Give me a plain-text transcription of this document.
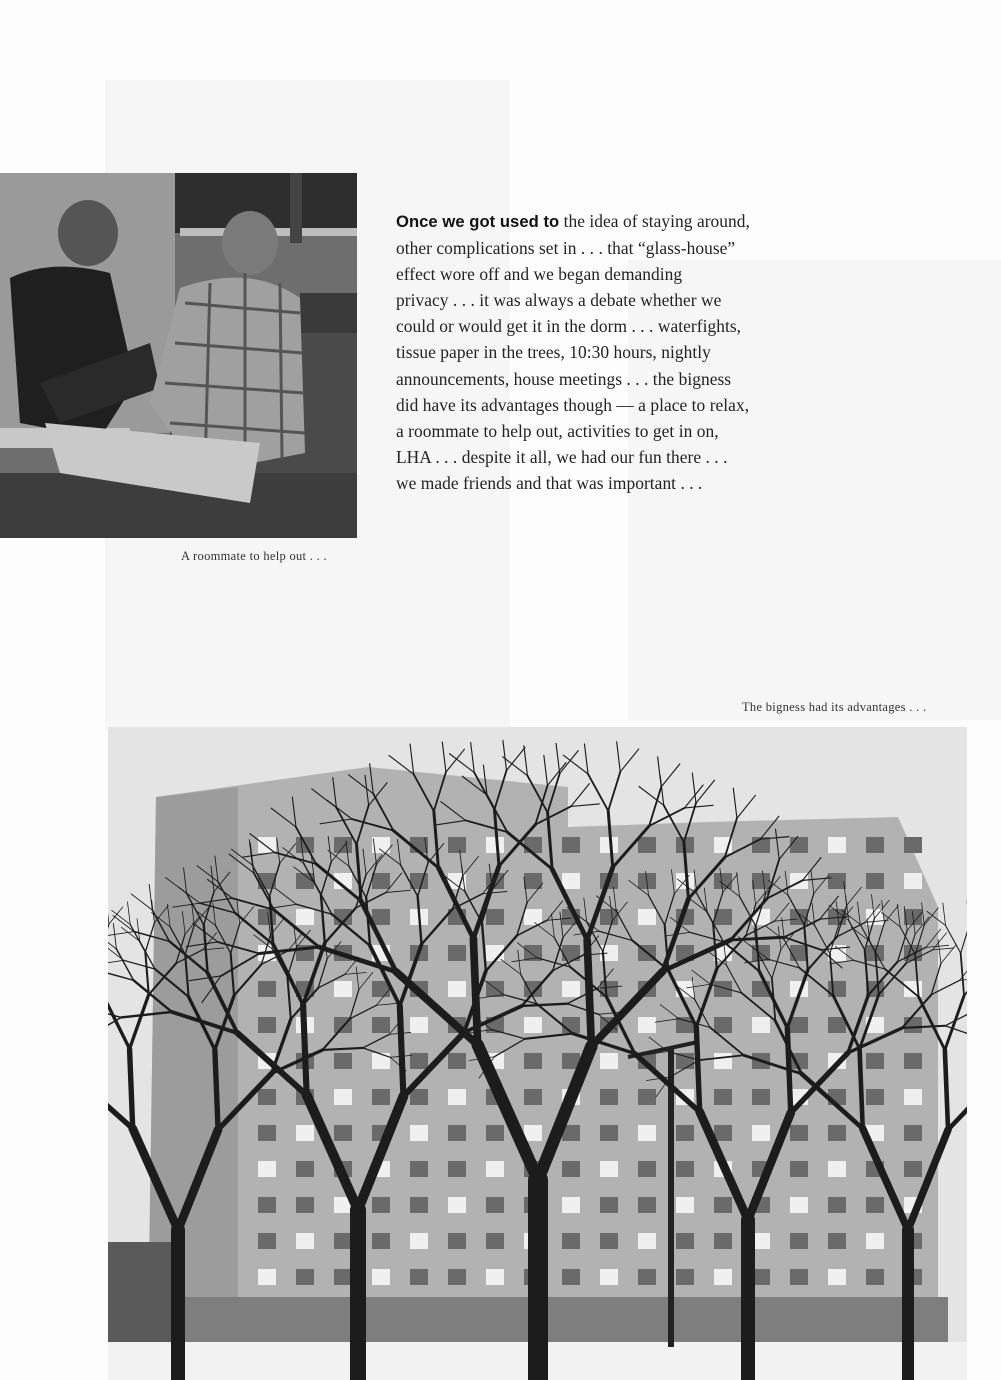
A roommate to help out . . .
Once we got used to the idea of staying around,
other complications set in . . . that “glass-house”
effect wore off and we began demanding
privacy . . . it was always a debate whether we
could or would get it in the dorm . . . waterfights,
tissue paper in the trees, 10:30 hours, nightly
announcements, house meetings . . . the bigness
did have its advantages though — a place to relax,
a roommate to help out, activities to get in on,
LHA . . . despite it all, we had our fun there . . .
we made friends and that was important . . .
The bigness had its advantages . . .
